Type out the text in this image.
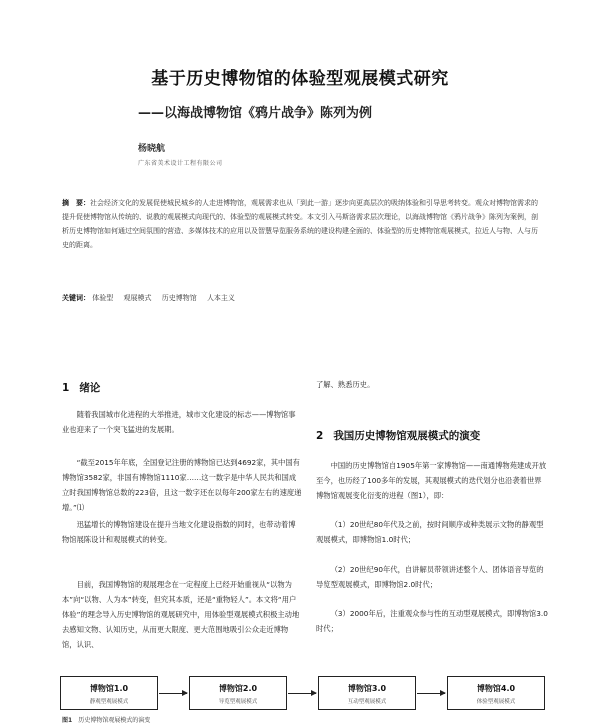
基于历史博物馆的体验型观展模式研究
——以海战博物馆《鸦片战争》陈列为例
杨晓航
广东省美术设计工程有限公司
摘　要：社会经济文化的发展促使城民城乡的人走进博物馆，观展需求也从「到此一游」逐步向更高层次的吸纳体验和引导思考转变。观众对博物馆需求的提升促使博物馆从传统的、说教的观展模式向现代的、体验型的观展模式转变。本文引入马斯洛需求层次理论，以海战博物馆《鸦片战争》陈列为案例，剖析历史博物馆如何通过空间氛围的营造、多媒体技术的应用以及智慧导览服务系统的建设构建全面的、体验型的历史博物馆观展模式，拉近人与物、人与历史的距离。
关键词： 体验型 观展模式 历史博物馆 人本主义
1 绪论

随着我国城市化进程的大举推进，城市文化建设的标志——博物馆事业也迎来了一个突飞猛进的发展期。

“截至2015年年底，全国登记注册的博物馆已达到4692家，其中国有博物馆3582家，非国有博物馆1110家……这一数字是中华人民共和国成立时我国博物馆总数的223倍，且这一数字还在以每年200家左右的速度递增。”⑴

迅猛增长的博物馆建设在提升当地文化建设指数的同时，也带动着博物馆展陈设计和观展模式的转变。

目前，我国博物馆的观展理念在一定程度上已经开始重视从“以物为本”向“以物、人为本”转变，但究其本质，还是“重物轻人”。本文将“用户体验”的理念导入历史博物馆的观展研究中，用体验型观展模式积极主动地去感知文物、认知历史，从而更大限度、更大范围地吸引公众走近博物馆，认识、

了解、熟悉历史。
2 我国历史博物馆观展模式的演变

中国的历史博物馆自1905年第一家博物馆——南通博物苑建成开放至今，也历经了100多年的发展，其观展模式的迭代划分也沿袭着世界博物馆观展变化衍变的进程（图1），即：

（1）20世纪80年代及之前，按时间顺序或种类展示文物的静观型观展模式，即博物馆1.0时代；

（2）20世纪90年代，自讲解员带领讲述整个人、团体语音导览的导览型观展模式，即博物馆2.0时代；

（3）2000年后，注重观众参与性的互动型观展模式，即博物馆3.0时代；

博物馆1.0
静观型观展模式
博物馆2.0
导览型观展模式
博物馆3.0
互动型观展模式
博物馆4.0
体验型观展模式
图1 历史博物馆观展模式的演变
